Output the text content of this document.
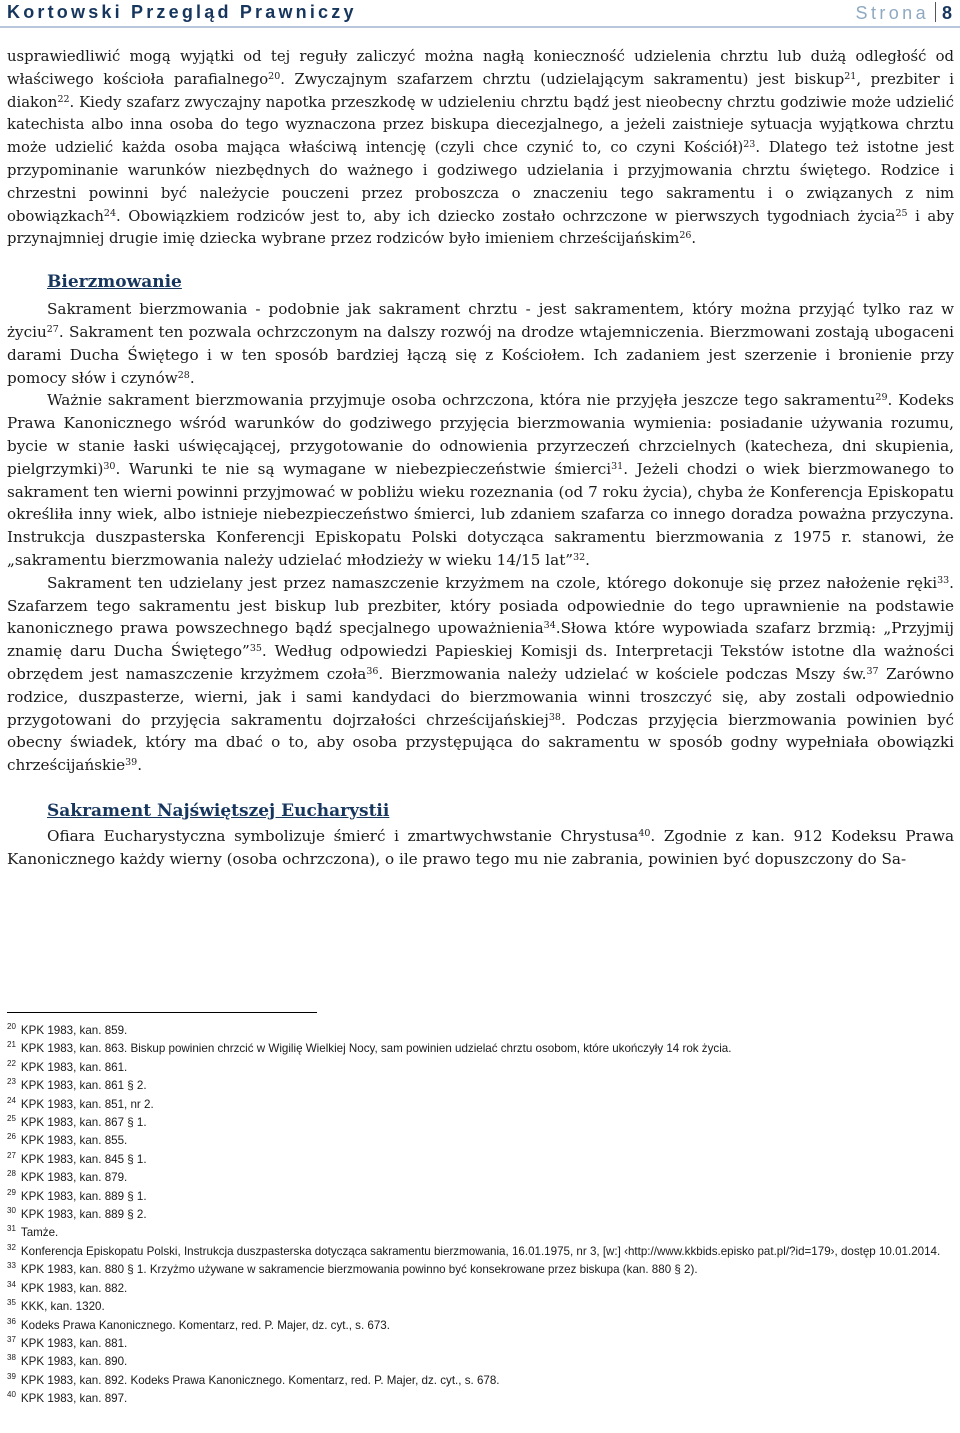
Kortowski Przegląd Prawniczy	Strona 8

usprawiedliwić mogą wyjątki od tej reguły zaliczyć można nagłą konieczność udzielenia chrztu lub dużą odległość od właściwego kościoła parafialnego$^{20}$. Zwyczajnym szafarzem chrztu (udzielającym sakramentu) jest biskup$^{21}$, prezbiter i diakon$^{22}$. Kiedy szafarz zwyczajny napotka przeszkodę w udzieleniu chrztu bądź jest nieobecny chrztu godziwie może udzielić katechista albo inna osoba do tego wyznaczona przez biskupa diecezjalnego, a jeżeli zaistnieje sytuacja wyjątkowa chrztu może udzielić każda osoba mająca właściwą intencję (czyli chce czynić to, co czyni Kościół)$^{23}$. Dlatego też istotne jest przypominanie warunków niezbędnych do ważnego i godziwego udzielania i przyjmowania chrztu świętego. Rodzice i chrzestni powinni być należycie pouczeni przez proboszcza o znaczeniu tego sakramentu i o związanych z nim obowiązkach$^{24}$. Obowiązkiem rodziców jest to, aby ich dziecko zostało ochrzczone w pierwszych tygodniach życia$^{25}$ i aby przynajmniej drugie imię dziecka wybrane przez rodziców było imieniem chrześcijańskim$^{26}$.

Bierzmowanie

Sakrament bierzmowania - podobnie jak sakrament chrztu - jest sakramentem, który można przyjąć tylko raz w życiu$^{27}$. Sakrament ten pozwala ochrzczonym na dalszy rozwój na drodze wtajemniczenia. Bierzmowani zostają ubogaceni darami Ducha Świętego i w ten sposób bardziej łączą się z Kościołem. Ich zadaniem jest szerzenie i bronienie przy pomocy słów i czynów$^{28}$.

Ważnie sakrament bierzmowania przyjmuje osoba ochrzczona, która nie przyjęła jeszcze tego sakramentu$^{29}$. Kodeks Prawa Kanonicznego wśród warunków do godziwego przyjęcia bierzmowania wymienia: posiadanie używania rozumu, bycie w stanie łaski uświęcającej, przygotowanie do odnowienia przyrzeczeń chrzcielnych (katecheza, dni skupienia, pielgrzymki)$^{30}$. Warunki te nie są wymagane w niebezpieczeństwie śmierci$^{31}$. Jeżeli chodzi o wiek bierzmowanego to sakrament ten wierni powinni przyjmować w pobliżu wieku rozeznania (od 7 roku życia), chyba że Konferencja Episkopatu określiła inny wiek, albo istnieje niebezpieczeństwo śmierci, lub zdaniem szafarza co innego doradza poważna przyczyna. Instrukcja duszpasterska Konferencji Episkopatu Polski dotycząca sakramentu bierzmowania z 1975 r. stanowi, że „sakramentu bierzmowania należy udzielać młodzieży w wieku 14/15 lat”$^{32}$.

Sakrament ten udzielany jest przez namaszczenie krzyżmem na czole, którego dokonuje się przez nałożenie ręki$^{33}$. Szafarzem tego sakramentu jest biskup lub prezbiter, który posiada odpowiednie do tego uprawnienie na podstawie kanonicznego prawa powszechnego bądź specjalnego upoważnienia$^{34}$.Słowa które wypowiada szafarz brzmią: „Przyjmij znamię daru Ducha Świętego”$^{35}$. Według odpowiedzi Papieskiej Komisji ds. Interpretacji Tekstów istotne dla ważności obrzędem jest namaszczenie krzyżmem czoła$^{36}$. Bierzmowania należy udzielać w kościele podczas Mszy św.$^{37}$ Zarówno rodzice, duszpasterze, wierni, jak i sami kandydaci do bierzmowania winni troszczyć się, aby zostali odpowiednio przygotowani do przyjęcia sakramentu dojrzałości chrześcijańskiej$^{38}$. Podczas przyjęcia bierzmowania powinien być obecny świadek, który ma dbać o to, aby osoba przystępująca do sakramentu w sposób godny wypełniała obowiązki chrześcijańskie$^{39}$.

Sakrament Najświętszej Eucharystii

Ofiara Eucharystyczna symbolizuje śmierć i zmartwychwstanie Chrystusa$^{40}$. Zgodnie z kan. 912 Kodeksu Prawa Kanonicznego każdy wierny (osoba ochrzczona), o ile prawo tego mu nie zabrania, powinien być dopuszczony do Sa-

$^{20}$ KPK 1983, kan. 859.
$^{21}$ KPK 1983, kan. 863. Biskup powinien chrzcić w Wigilię Wielkiej Nocy, sam powinien udzielać chrztu osobom, które ukończyły 14 rok życia.
$^{22}$ KPK 1983, kan. 861.
$^{23}$ KPK 1983, kan. 861 § 2.
$^{24}$ KPK 1983, kan. 851, nr 2.
$^{25}$ KPK 1983, kan. 867 § 1.
$^{26}$ KPK 1983, kan. 855.
$^{27}$ KPK 1983, kan. 845 § 1.
$^{28}$ KPK 1983, kan. 879.
$^{29}$ KPK 1983, kan. 889 § 1.
$^{30}$ KPK 1983, kan. 889 § 2.
$^{31}$ Tamże.
$^{32}$ Konferencja Episkopatu Polski, Instrukcja duszpasterska dotycząca sakramentu bierzmowania, 16.01.1975, nr 3, [w:] ‹http://www.kkbids.episko pat.pl/?id=179›, dostęp 10.01.2014.
$^{33}$ KPK 1983, kan. 880 § 1. Krzyżmo używane w sakramencie bierzmowania powinno być konsekrowane przez biskupa (kan. 880 § 2).
$^{34}$ KPK 1983, kan. 882.
$^{35}$ KKK, kan. 1320.
$^{36}$ Kodeks Prawa Kanonicznego. Komentarz, red. P. Majer, dz. cyt., s. 673.
$^{37}$ KPK 1983, kan. 881.
$^{38}$ KPK 1983, kan. 890.
$^{39}$ KPK 1983, kan. 892. Kodeks Prawa Kanonicznego. Komentarz, red. P. Majer, dz. cyt., s. 678.
$^{40}$ KPK 1983, kan. 897.
